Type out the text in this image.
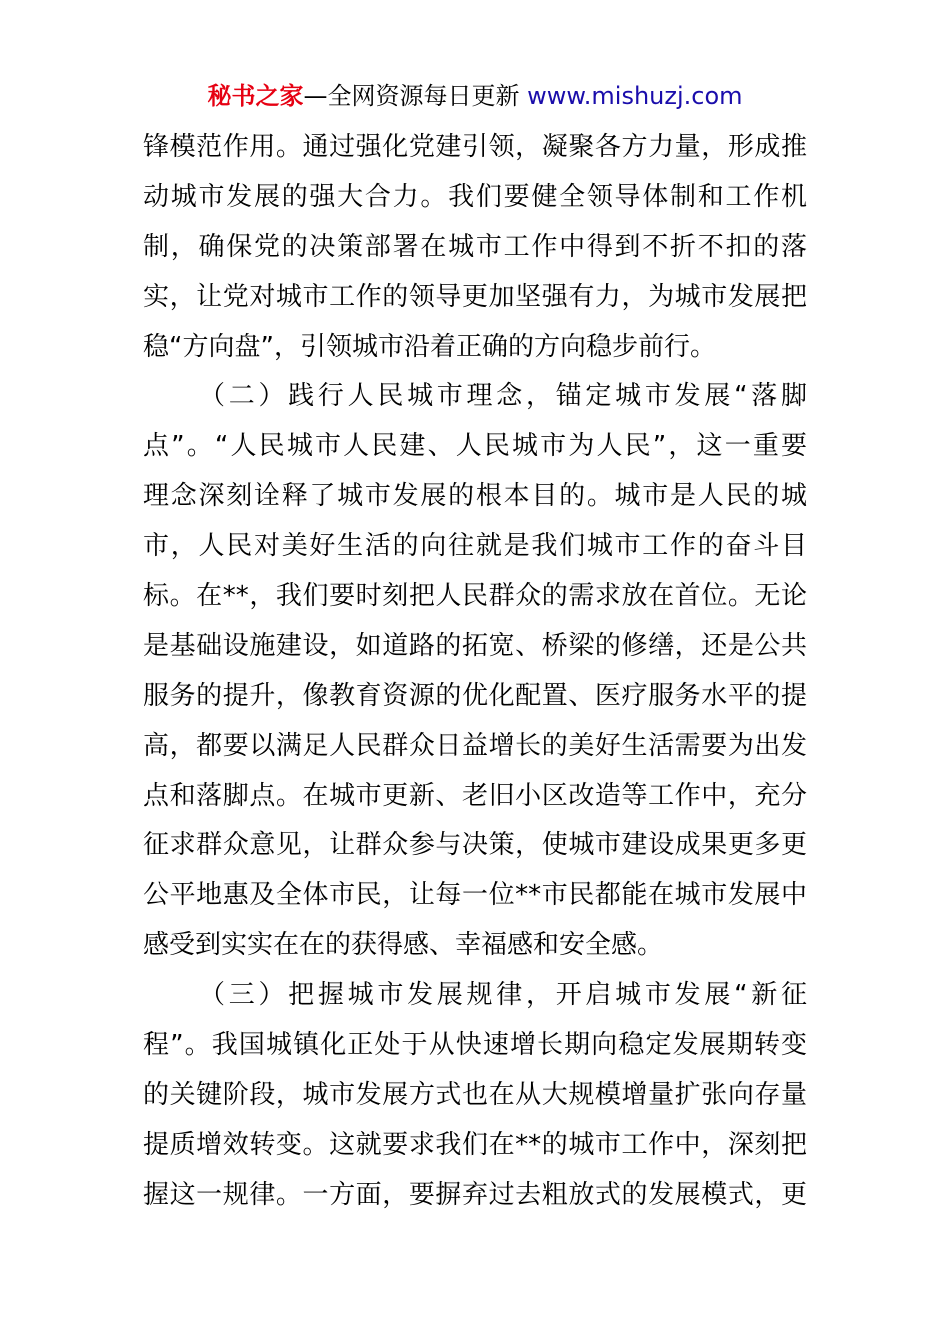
秘书之家—全网资源每日更新 www.mishuzj.com
锋模范作用。通过强化党建引领，凝聚各方力量，形成推
动城市发展的强大合力。我们要健全领导体制和工作机
制，确保党的决策部署在城市工作中得到不折不扣的落
实，让党对城市工作的领导更加坚强有力，为城市发展把
稳“方向盘”，引领城市沿着正确的方向稳步前行。
（二）践行人民城市理念，锚定城市发展“落脚
点”。“人民城市人民建、人民城市为人民”，这一重要
理念深刻诠释了城市发展的根本目的。城市是人民的城
市，人民对美好生活的向往就是我们城市工作的奋斗目
标。在**，我们要时刻把人民群众的需求放在首位。无论
是基础设施建设，如道路的拓宽、桥梁的修缮，还是公共
服务的提升，像教育资源的优化配置、医疗服务水平的提
高，都要以满足人民群众日益增长的美好生活需要为出发
点和落脚点。在城市更新、老旧小区改造等工作中，充分
征求群众意见，让群众参与决策，使城市建设成果更多更
公平地惠及全体市民，让每一位**市民都能在城市发展中
感受到实实在在的获得感、幸福感和安全感。
（三）把握城市发展规律，开启城市发展“新征
程”。我国城镇化正处于从快速增长期向稳定发展期转变
的关键阶段，城市发展方式也在从大规模增量扩张向存量
提质增效转变。这就要求我们在**的城市工作中，深刻把
握这一规律。一方面，要摒弃过去粗放式的发展模式，更
